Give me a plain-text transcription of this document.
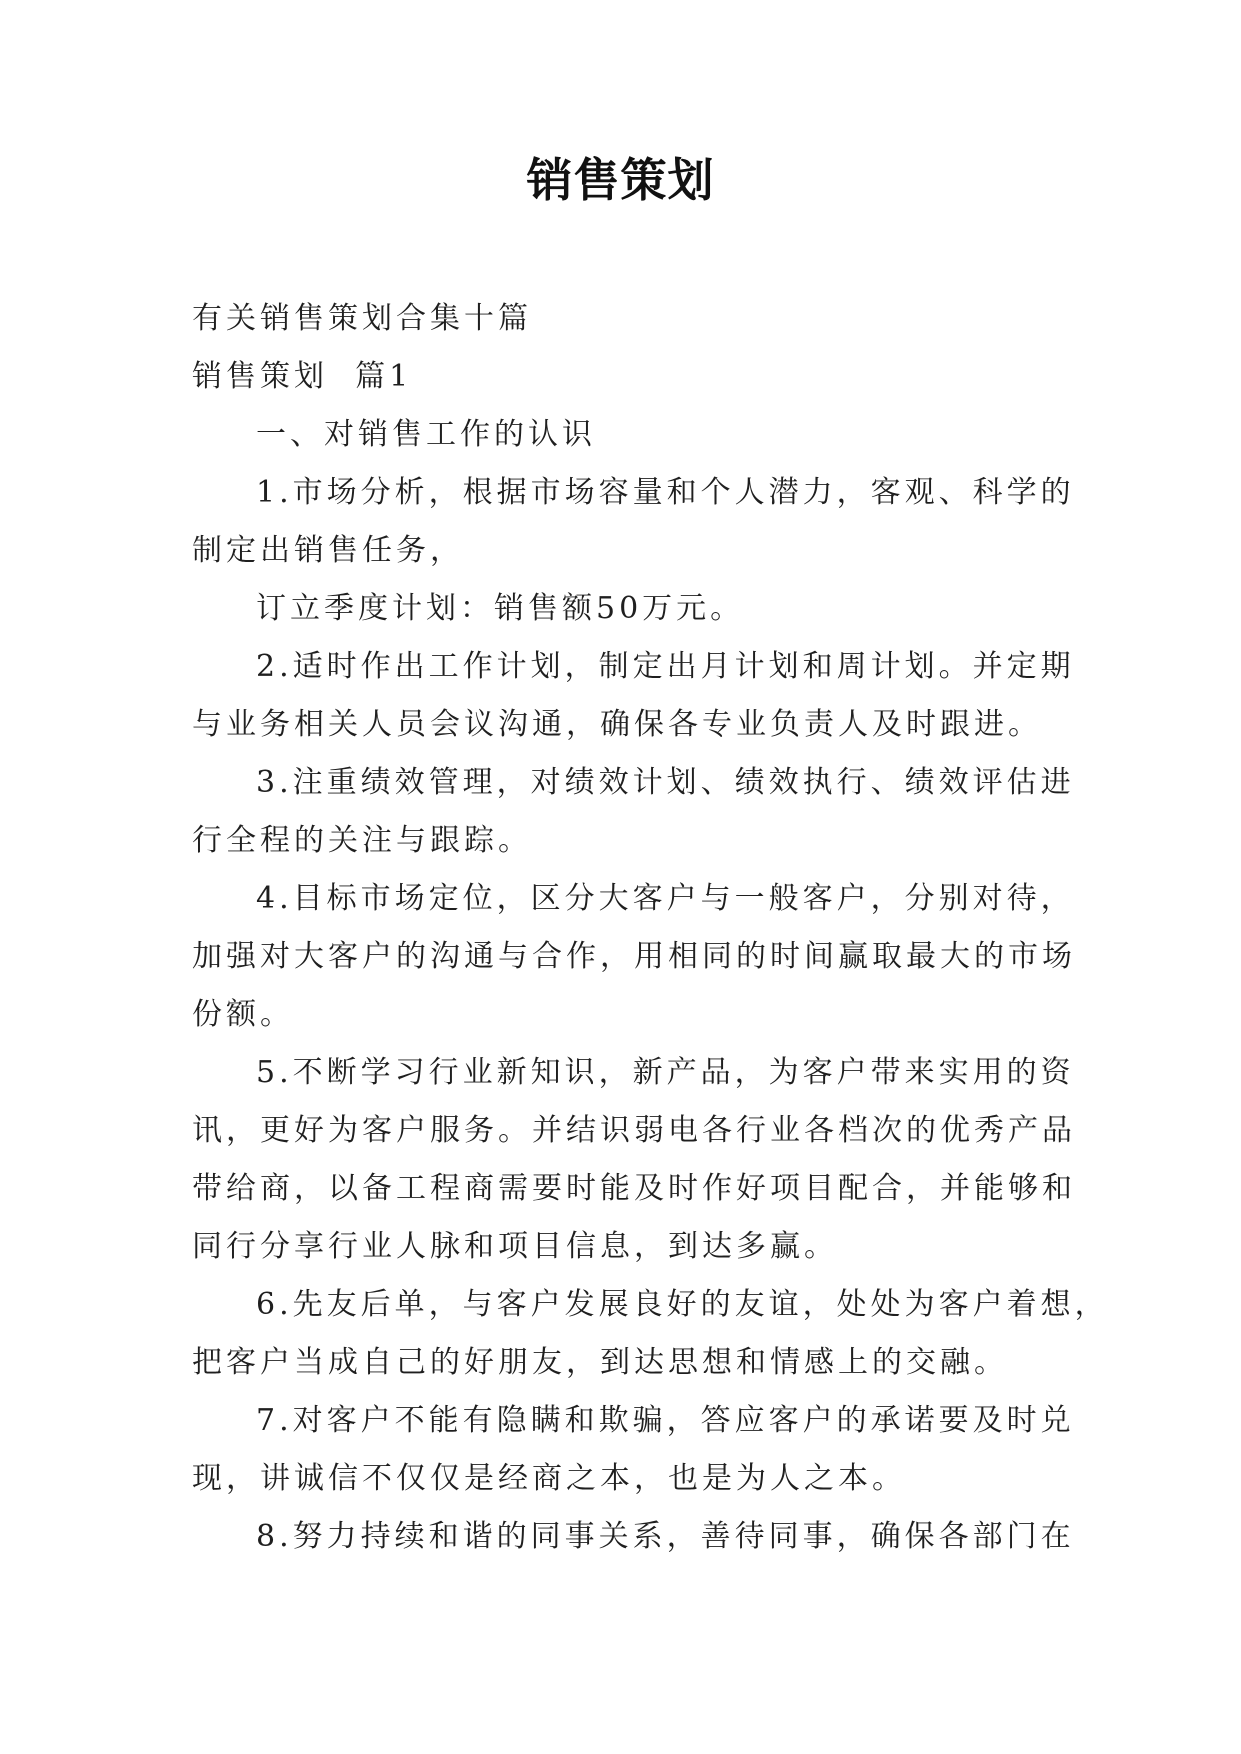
销售策划
有关销售策划合集十篇
销售策划  篇1
一、对销售工作的认识
1.市场分析，根据市场容量和个人潜力，客观、科学的
制定出销售任务，
订立季度计划：销售额50万元。
2.适时作出工作计划，制定出月计划和周计划。并定期
与业务相关人员会议沟通，确保各专业负责人及时跟进。
3.注重绩效管理，对绩效计划、绩效执行、绩效评估进
行全程的关注与跟踪。
4.目标市场定位，区分大客户与一般客户，分别对待，
加强对大客户的沟通与合作，用相同的时间赢取最大的市场
份额。
5.不断学习行业新知识，新产品，为客户带来实用的资
讯，更好为客户服务。并结识弱电各行业各档次的优秀产品
带给商，以备工程商需要时能及时作好项目配合，并能够和
同行分享行业人脉和项目信息，到达多赢。
6.先友后单，与客户发展良好的友谊，处处为客户着想，
把客户当成自己的好朋友，到达思想和情感上的交融。
7.对客户不能有隐瞒和欺骗，答应客户的承诺要及时兑
现，讲诚信不仅仅是经商之本，也是为人之本。
8.努力持续和谐的同事关系，善待同事，确保各部门在
